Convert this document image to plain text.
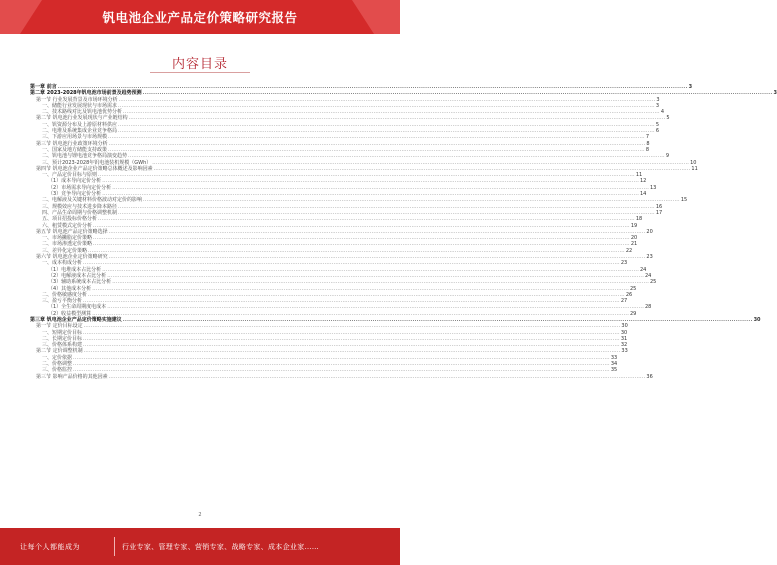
钒电池企业产品定价策略研究报告
内容目录
第一章 前言 ............................................................................................................................................................................................................................................................................................................ 3
第二章 2023-2028年钒电池市场前景及趋势预测 ............................................................................................................................................................................................................................................................................................................ 3
第一节 行业发展背景及市场环境分析 ............................................................................................................................................................................................................................................................................................................ 3
一、储能行业发展现状与市场需求 ............................................................................................................................................................................................................................................................................................................ 3
二、技术路线对比及钒电池优势分析 ............................................................................................................................................................................................................................................................................................................ 4
第二节 钒电池行业发展现状与产业链结构 ............................................................................................................................................................................................................................................................................................................ 5
一、钒资源分布及上游原材料供应 ............................................................................................................................................................................................................................................................................................................ 5
二、电堆及系统集成企业竞争格局 ............................................................................................................................................................................................................................................................................................................ 6
三、下游应用场景与市场规模 ............................................................................................................................................................................................................................................................................................................ 7
第三节 钒电池行业政策环境分析 ............................................................................................................................................................................................................................................................................................................ 8
一、国家及地方储能支持政策 ............................................................................................................................................................................................................................................................................................................ 8
二、钒电池与锂电池竞争格局演变趋势 ............................................................................................................................................................................................................................................................................................................ 9
三、预计2023-2028年钒电池装机规模（GWh） ............................................................................................................................................................................................................................................................................................................ 10
第四节 钒电池企业产品定价策略总体概述及影响因素 ............................................................................................................................................................................................................................................................................................................ 11
一、产品定价目标与原则 ............................................................................................................................................................................................................................................................................................................ 11
（1）成本导向定价分析 ............................................................................................................................................................................................................................................................................................................ 12
（2）市场需求导向定价分析 ............................................................................................................................................................................................................................................................................................................ 13
（3）竞争导向定价分析 ............................................................................................................................................................................................................................................................................................................ 14
二、电解液及关键材料价格波动对定价的影响 ............................................................................................................................................................................................................................................................................................................ 15
三、规模效应与技术进步降本路径 ............................................................................................................................................................................................................................................................................................................ 16
四、产品生命周期与价格调整机制 ............................................................................................................................................................................................................................................................................................................ 17
五、项目招投标价格分析 ............................................................................................................................................................................................................................................................................................................ 18
六、租赁模式定价分析 ............................................................................................................................................................................................................................................................................................................ 19
第五节 钒电池产品定价策略选择 ............................................................................................................................................................................................................................................................................................................ 20
一、市场撇脂定价策略 ............................................................................................................................................................................................................................................................................................................ 20
二、市场渗透定价策略 ............................................................................................................................................................................................................................................................................................................ 21
三、差异化定价策略 ............................................................................................................................................................................................................................................................................................................ 22
第六节 钒电池企业定价策略研究 ............................................................................................................................................................................................................................................................................................................ 23
一、成本构成分析 ............................................................................................................................................................................................................................................................................................................ 23
（1）电堆成本占比分析 ............................................................................................................................................................................................................................................................................................................ 24
（2）电解液成本占比分析 ............................................................................................................................................................................................................................................................................................................ 24
（3）辅助系统成本占比分析 ............................................................................................................................................................................................................................................................................................................ 25
（4）其他成本分析 ............................................................................................................................................................................................................................................................................................................ 25
二、价格敏感度分析 ............................................................................................................................................................................................................................................................................................................ 26
三、盈亏平衡分析 ............................................................................................................................................................................................................................................................................................................ 27
（1）全生命周期度电成本 ............................................................................................................................................................................................................................................................................................................ 28
（2）收益模型测算 ............................................................................................................................................................................................................................................................................................................ 29
第三章 钒电池企业产品定价策略实施建议 ............................................................................................................................................................................................................................................................................................................ 30
第一节 定价目标设定 ............................................................................................................................................................................................................................................................................................................ 30
一、短期定价目标 ............................................................................................................................................................................................................................................................................................................ 30
二、长期定价目标 ............................................................................................................................................................................................................................................................................................................ 31
三、价格体系构建 ............................................................................................................................................................................................................................................................................................................ 32
第二节 定价调整机制 ............................................................................................................................................................................................................................................................................................................ 33
一、定价依据 ............................................................................................................................................................................................................................................................................................................ 33
二、价格调整 ............................................................................................................................................................................................................................................................................................................ 34
三、价格监控 ............................................................................................................................................................................................................................................................................................................ 35
第三节 影响产品价格的其他因素 ............................................................................................................................................................................................................................................................................................................ 36
2
让每个人都能成为	行业专家、管理专家、营销专家、战略专家、成本企业家……
